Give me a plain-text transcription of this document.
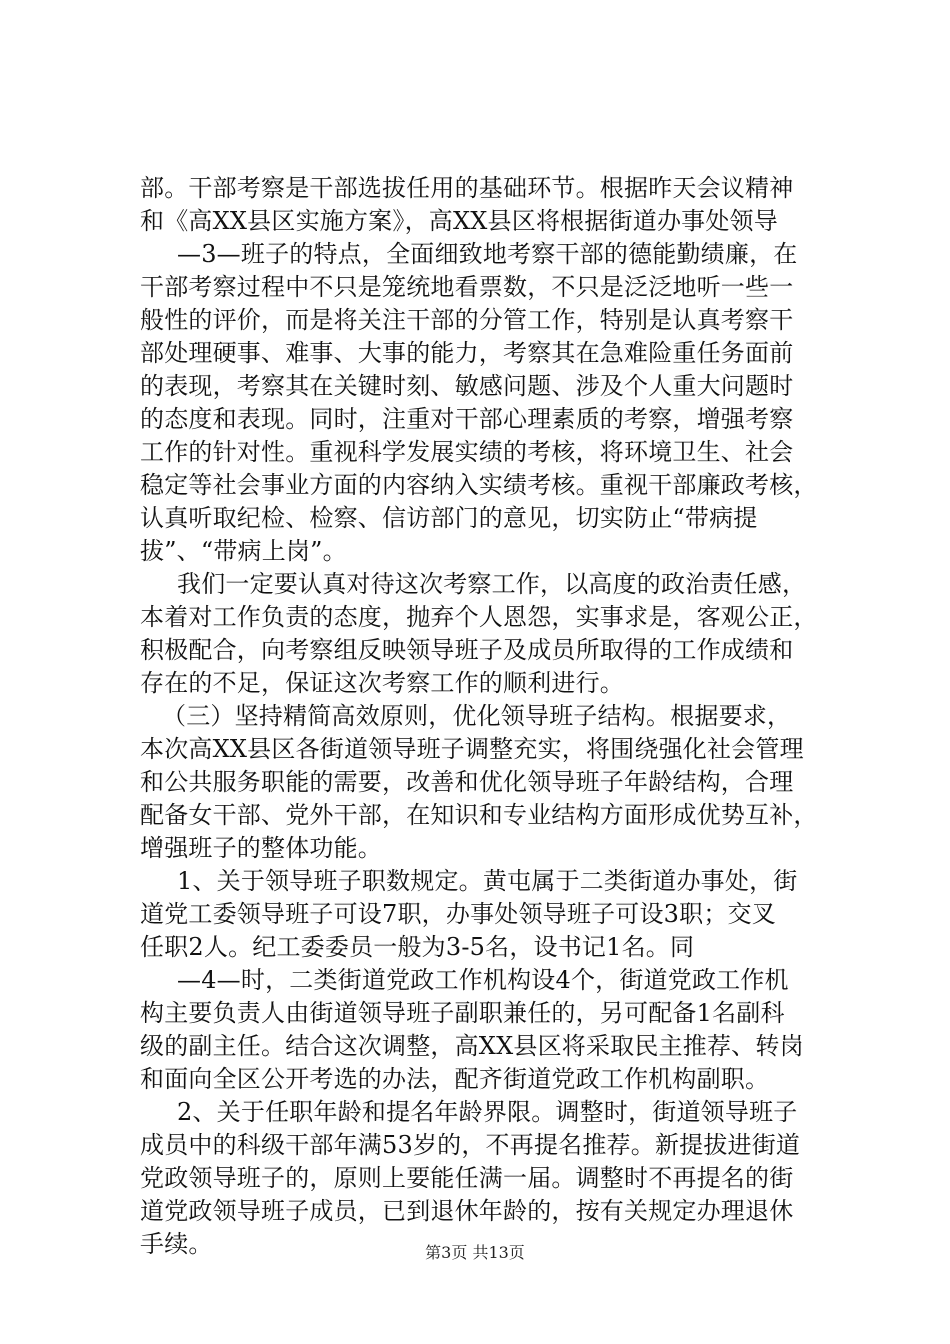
部。干部考察是干部选拔任用的基础环节。根据昨天会议精神
和《高XX县区实施方案》，高XX县区将根据街道办事处领导
—3—班子的特点，全面细致地考察干部的德能勤绩廉，在
干部考察过程中不只是笼统地看票数，不只是泛泛地听一些一
般性的评价，而是将关注干部的分管工作，特别是认真考察干
部处理硬事、难事、大事的能力，考察其在急难险重任务面前
的表现，考察其在关键时刻、敏感问题、涉及个人重大问题时
的态度和表现。同时，注重对干部心理素质的考察，增强考察
工作的针对性。重视科学发展实绩的考核，将环境卫生、社会
稳定等社会事业方面的内容纳入实绩考核。重视干部廉政考核，
认真听取纪检、检察、信访部门的意见，切实防止“带病提
拔”、“带病上岗”。
我们一定要认真对待这次考察工作，以高度的政治责任感，
本着对工作负责的态度，抛弃个人恩怨，实事求是，客观公正，
积极配合，向考察组反映领导班子及成员所取得的工作成绩和
存在的不足，保证这次考察工作的顺利进行。
（三）坚持精简高效原则，优化领导班子结构。根据要求，
本次高XX县区各街道领导班子调整充实，将围绕强化社会管理
和公共服务职能的需要，改善和优化领导班子年龄结构，合理
配备女干部、党外干部，在知识和专业结构方面形成优势互补，
增强班子的整体功能。
1、关于领导班子职数规定。黄屯属于二类街道办事处，街
道党工委领导班子可设7职，办事处领导班子可设3职；交叉
任职2人。纪工委委员一般为3-5名，设书记1名。同
—4—时，二类街道党政工作机构设4个，街道党政工作机
构主要负责人由街道领导班子副职兼任的，另可配备1名副科
级的副主任。结合这次调整，高XX县区将采取民主推荐、转岗
和面向全区公开考选的办法，配齐街道党政工作机构副职。
2、关于任职年龄和提名年龄界限。调整时，街道领导班子
成员中的科级干部年满53岁的，不再提名推荐。新提拔进街道
党政领导班子的，原则上要能任满一届。调整时不再提名的街
道党政领导班子成员，已到退休年龄的，按有关规定办理退休
手续。	第3页 共13页
